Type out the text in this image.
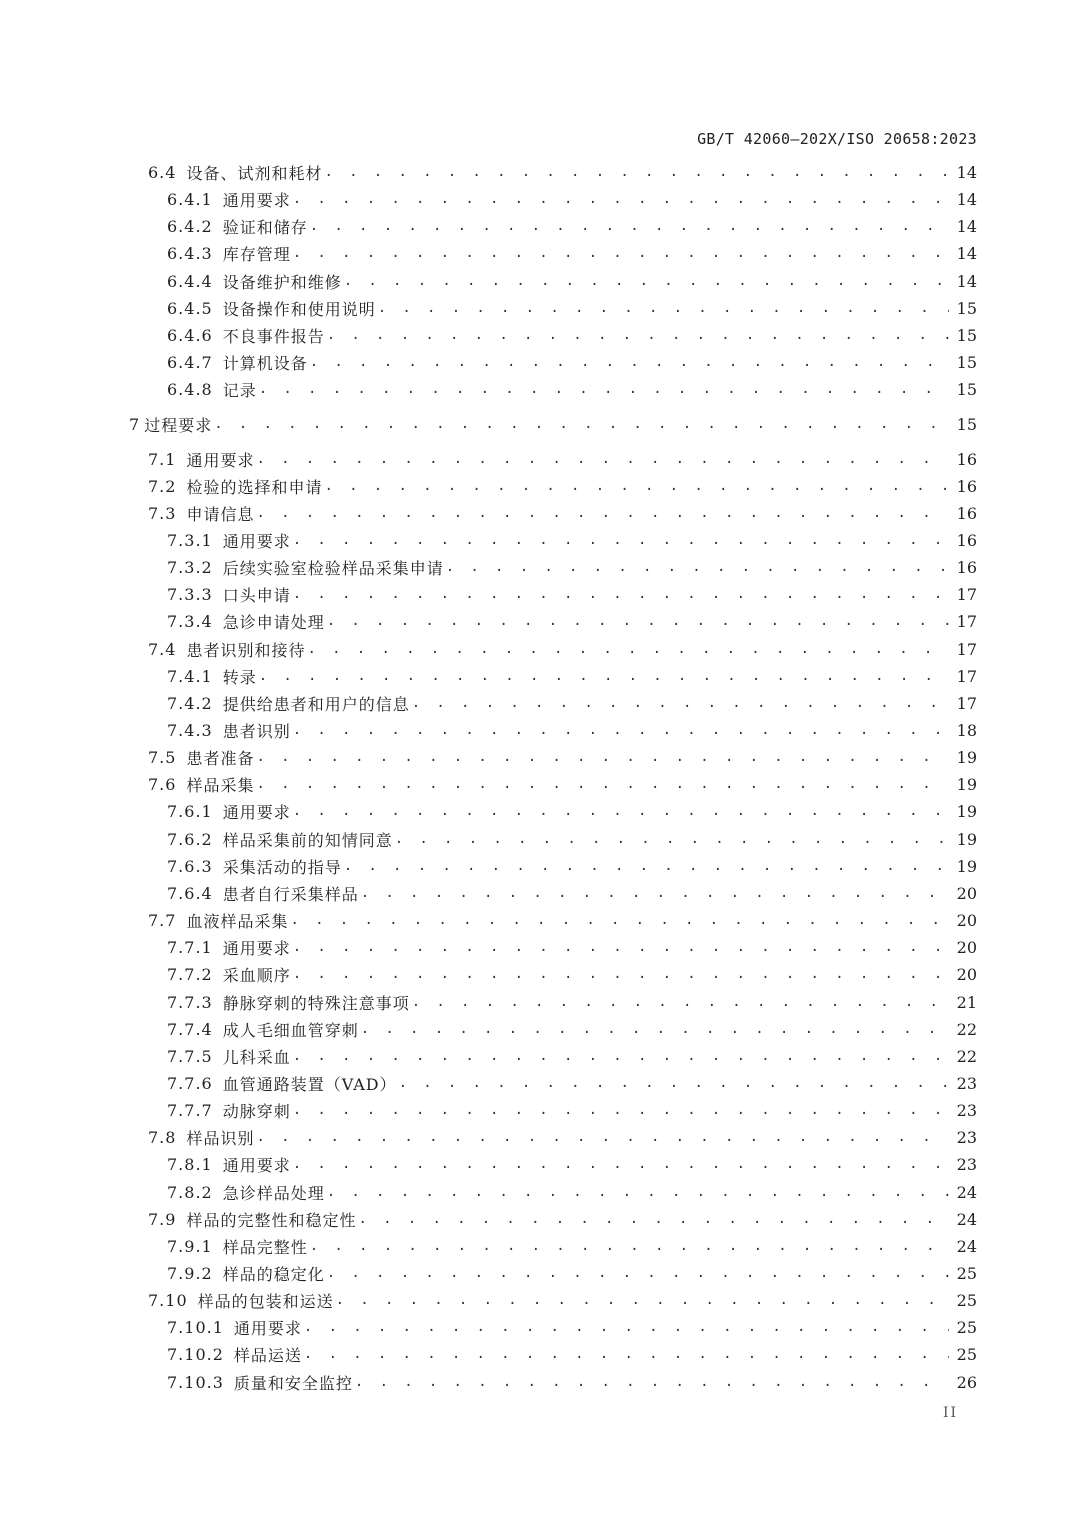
GB/T 42060—202X/ISO 20658:2023
6.4 设备、试剂和耗材 . . .	14
6.4.1 通用要求 . . .	14
6.4.2 验证和储存 . . .	14
6.4.3 库存管理 . . .	14
6.4.4 设备维护和维修 . . .	14
6.4.5 设备操作和使用说明 . . .	15
6.4.6 不良事件报告 . . .	15
6.4.7 计算机设备 . . .	15
6.4.8 记录 . . .	15
7 过程要求 . . .	15
7.1 通用要求 . . .	16
7.2 检验的选择和申请 . . .	16
7.3 申请信息 . . .	16
7.3.1 通用要求 . . .	16
7.3.2 后续实验室检验样品采集申请 . . .	16
7.3.3 口头申请 . . .	17
7.3.4 急诊申请处理 . . .	17
7.4 患者识别和接待 . . .	17
7.4.1 转录 . . .	17
7.4.2 提供给患者和用户的信息 . . .	17
7.4.3 患者识别 . . .	18
7.5 患者准备 . . .	19
7.6 样品采集 . . .	19
7.6.1 通用要求 . . .	19
7.6.2 样品采集前的知情同意 . . .	19
7.6.3 采集活动的指导 . . .	19
7.6.4 患者自行采集样品 . . .	20
7.7 血液样品采集 . . .	20
7.7.1 通用要求 . . .	20
7.7.2 采血顺序 . . .	20
7.7.3 静脉穿刺的特殊注意事项 . . .	21
7.7.4 成人毛细血管穿刺 . . .	22
7.7.5 儿科采血 . . .	22
7.7.6 血管通路装置（VAD） . . .	23
7.7.7 动脉穿刺 . . .	23
7.8 样品识别 . . .	23
7.8.1 通用要求 . . .	23
7.8.2 急诊样品处理 . . .	24
7.9 样品的完整性和稳定性 . . .	24
7.9.1 样品完整性 . . .	24
7.9.2 样品的稳定化 . . .	25
7.10 样品的包装和运送 . . .	25
7.10.1 通用要求 . . .	25
7.10.2 样品运送 . . .	25
7.10.3 质量和安全监控 . . .	26
II
